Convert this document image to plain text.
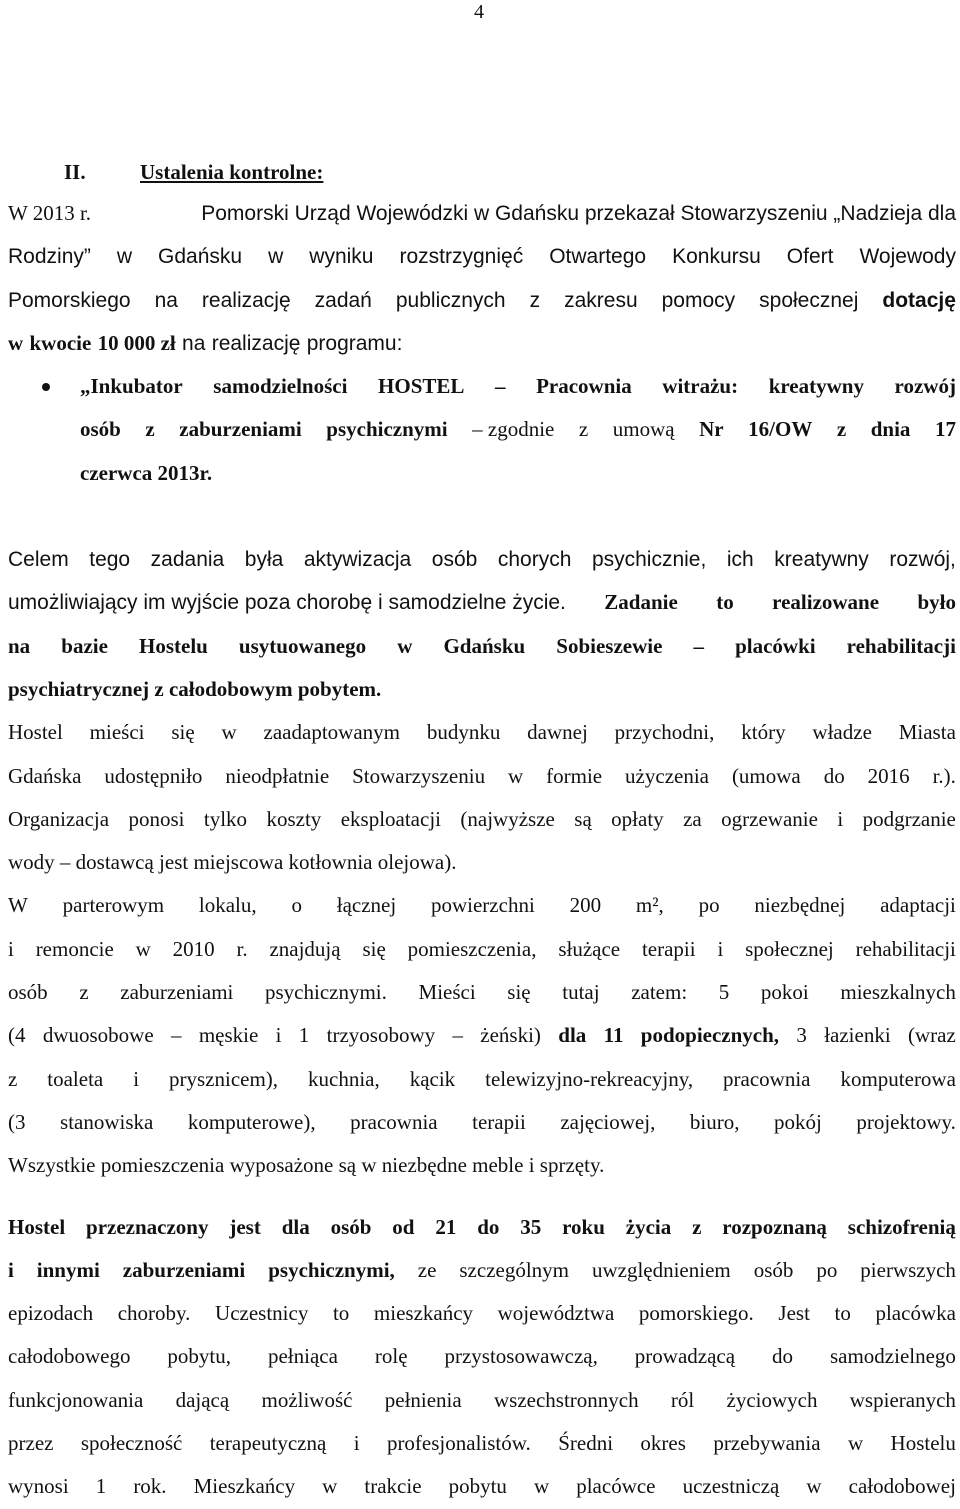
4
II.	Ustalenia kontrolne:
W 2013 r.	Pomorski Urząd Wojewódzki w Gdańsku przekazał Stowarzyszeniu „Nadzieja dla
Rodziny” w Gdańsku w wyniku rozstrzygnięć Otwartego Konkursu Ofert Wojewody
Pomorskiego na realizację zadań publicznych z zakresu pomocy społecznej dotację
w kwocie 10 000 zł na realizację programu:
„Inkubator samodzielności HOSTEL – Pracownia witrażu: kreatywny rozwój
osób z zaburzeniami psychicznymi – zgodnie z umową Nr 16/OW z dnia 17
czerwca 2013r.
Celem tego zadania była aktywizacja osób chorych psychicznie, ich kreatywny rozwój,
umożliwiający im wyjście poza chorobę i samodzielne życie. Zadanie to realizowane było
na bazie Hostelu usytuowanego w Gdańsku Sobieszewie – placówki rehabilitacji
psychiatrycznej z całodobowym pobytem.
Hostel mieści się w zaadaptowanym budynku dawnej przychodni, który władze Miasta
Gdańska udostępniło nieodpłatnie Stowarzyszeniu w formie użyczenia (umowa do 2016 r.).
Organizacja ponosi tylko koszty eksploatacji (najwyższe są opłaty za ogrzewanie i podgrzanie
wody – dostawcą jest miejscowa kotłownia olejowa).
W parterowym lokalu, o łącznej powierzchni 200 m², po niezbędnej adaptacji
i remoncie w 2010 r. znajdują się pomieszczenia, służące terapii i społecznej rehabilitacji
osób z zaburzeniami psychicznymi. Mieści się tutaj zatem: 5 pokoi mieszkalnych
(4 dwuosobowe – męskie i 1 trzyosobowy – żeński) dla 11 podopiecznych, 3 łazienki (wraz
z toaleta i prysznicem), kuchnia, kącik telewizyjno-rekreacyjny, pracownia komputerowa
(3 stanowiska komputerowe), pracownia terapii zajęciowej, biuro, pokój projektowy.
Wszystkie pomieszczenia wyposażone są w niezbędne meble i sprzęty.
Hostel przeznaczony jest dla osób od 21 do 35 roku życia z rozpoznaną schizofrenią
i innymi zaburzeniami psychicznymi, ze szczególnym uwzględnieniem osób po pierwszych
epizodach choroby. Uczestnicy to mieszkańcy województwa pomorskiego. Jest to placówka
całodobowego pobytu, pełniąca rolę przystosowawczą, prowadzącą do samodzielnego
funkcjonowania dającą możliwość pełnienia wszechstronnych ról życiowych wspieranych
przez społeczność terapeutyczną i profesjonalistów. Średni okres przebywania w Hostelu
wynosi 1 rok. Mieszkańcy w trakcie pobytu w placówce uczestniczą w całodobowej
